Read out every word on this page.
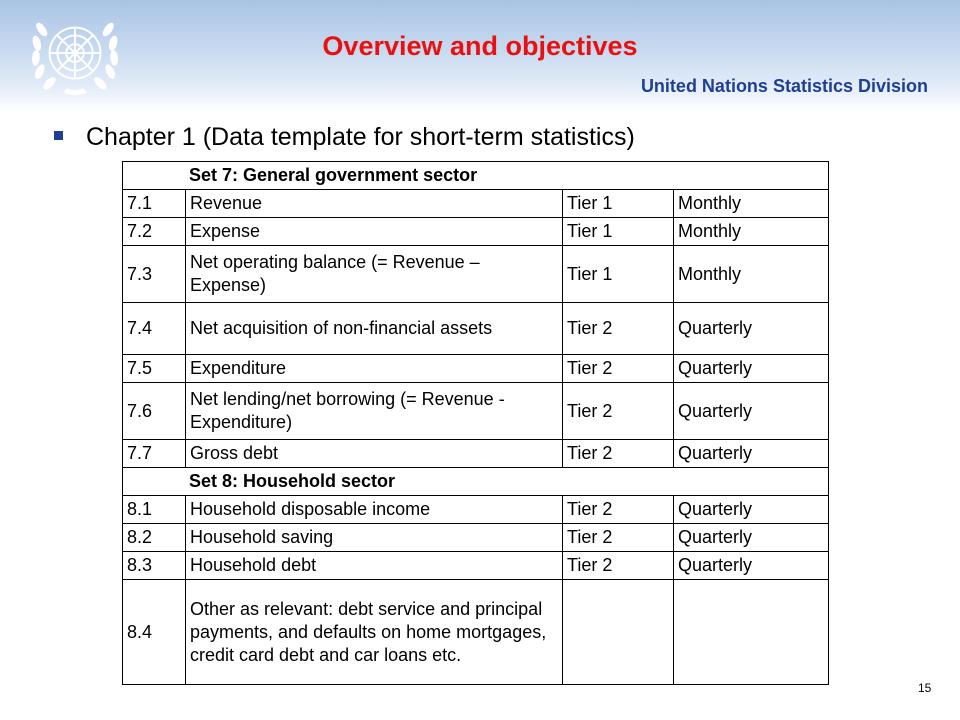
Overview and objectives
United Nations Statistics Division
Chapter 1 (Data template for short-term statistics)
Set 7: General government sector			
7.1	Revenue	Tier 1	Monthly
7.2	Expense	Tier 1	Monthly
7.3	Net operating balance (= Revenue – Expense)	Tier 1	Monthly
7.4	Net acquisition of non-financial assets	Tier 2	Quarterly
7.5	Expenditure	Tier 2	Quarterly
7.6	Net lending/net borrowing (= Revenue - Expenditure)	Tier 2	Quarterly
7.7	Gross debt	Tier 2	Quarterly
Set 8: Household sector			
8.1	Household disposable income	Tier 2	Quarterly
8.2	Household saving	Tier 2	Quarterly
8.3	Household debt	Tier 2	Quarterly
8.4	Other as relevant: debt service and principal payments, and defaults on home mortgages, credit card debt and car loans etc.		
15
